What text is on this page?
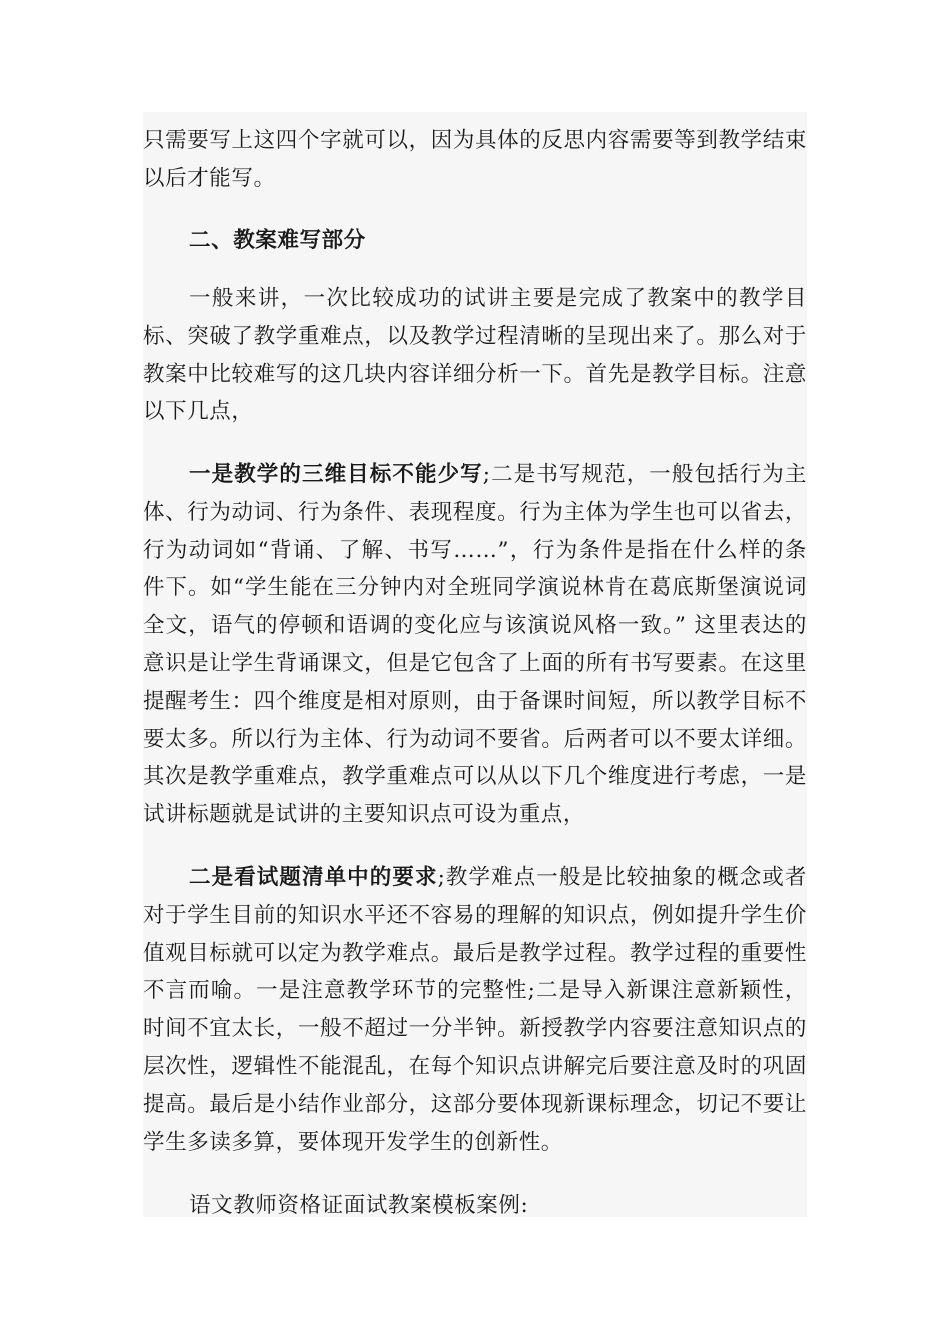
只需要写上这四个字就可以，因为具体的反思内容需要等到教学结束以后才能写。

二、教案难写部分

一般来讲，一次比较成功的试讲主要是完成了教案中的教学目标、突破了教学重难点，以及教学过程清晰的呈现出来了。那么对于教案中比较难写的这几块内容详细分析一下。首先是教学目标。注意以下几点，

一是教学的三维目标不能少写;二是书写规范，一般包括行为主体、行为动词、行为条件、表现程度。行为主体为学生也可以省去，行为动词如“背诵、了解、书写……”，行为条件是指在什么样的条件下。如“学生能在三分钟内对全班同学演说林肯在葛底斯堡演说词全文，语气的停顿和语调的变化应与该演说风格一致。” 这里表达的意识是让学生背诵课文，但是它包含了上面的所有书写要素。在这里提醒考生：四个维度是相对原则，由于备课时间短，所以教学目标不要太多。所以行为主体、行为动词不要省。后两者可以不要太详细。 其次是教学重难点，教学重难点可以从以下几个维度进行考虑，一是试讲标题就是试讲的主要知识点可设为重点，

二是看试题清单中的要求;教学难点一般是比较抽象的概念或者对于学生目前的知识水平还不容易的理解的知识点，例如提升学生价值观目标就可以定为教学难点。最后是教学过程。教学过程的重要性不言而喻。一是注意教学环节的完整性;二是导入新课注意新颖性，时间不宜太长，一般不超过一分半钟。新授教学内容要注意知识点的层次性，逻辑性不能混乱，在每个知识点讲解完后要注意及时的巩固提高。最后是小结作业部分，这部分要体现新课标理念，切记不要让学生多读多算，要体现开发学生的创新性。

语文教师资格证面试教案模板案例:
